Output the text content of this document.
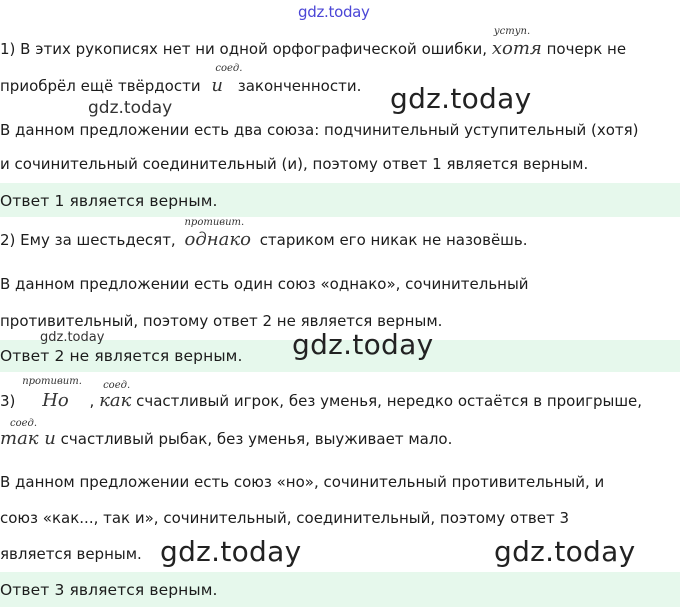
gdz.today
1) В этих рукописях нет ни одной орфографической ошибки,
уступ.
хотя почерк не
приобрёл ещё твёрдости
соед.
и законченности.
gdz.today	gdz.today
В данном предложении есть два союза: подчинительный уступительный (хотя)
и сочинительный соединительный (и), поэтому ответ 1 является верным.
Ответ 1 является верным.
2) Ему за шестьдесят,
противит.
однако стариком его никак не назовёшь.
В данном предложении есть один союз «однако», сочинительный
противительный, поэтому ответ 2 не является верным.
gdz.today
Ответ 2 не является верным. gdz.today
3)
противит.
Но ,
соед.
как счастливый игрок, без уменья, нередко остаётся в проигрыше,
соед.
так и счастливый рыбак, без уменья, выуживает мало.
В данном предложении есть союз «но», сочинительный противительный, и
союз «как..., так и», сочинительный, соединительный, поэтому ответ 3
является верным. gdz.today	gdz.today
Ответ 3 является верным.
